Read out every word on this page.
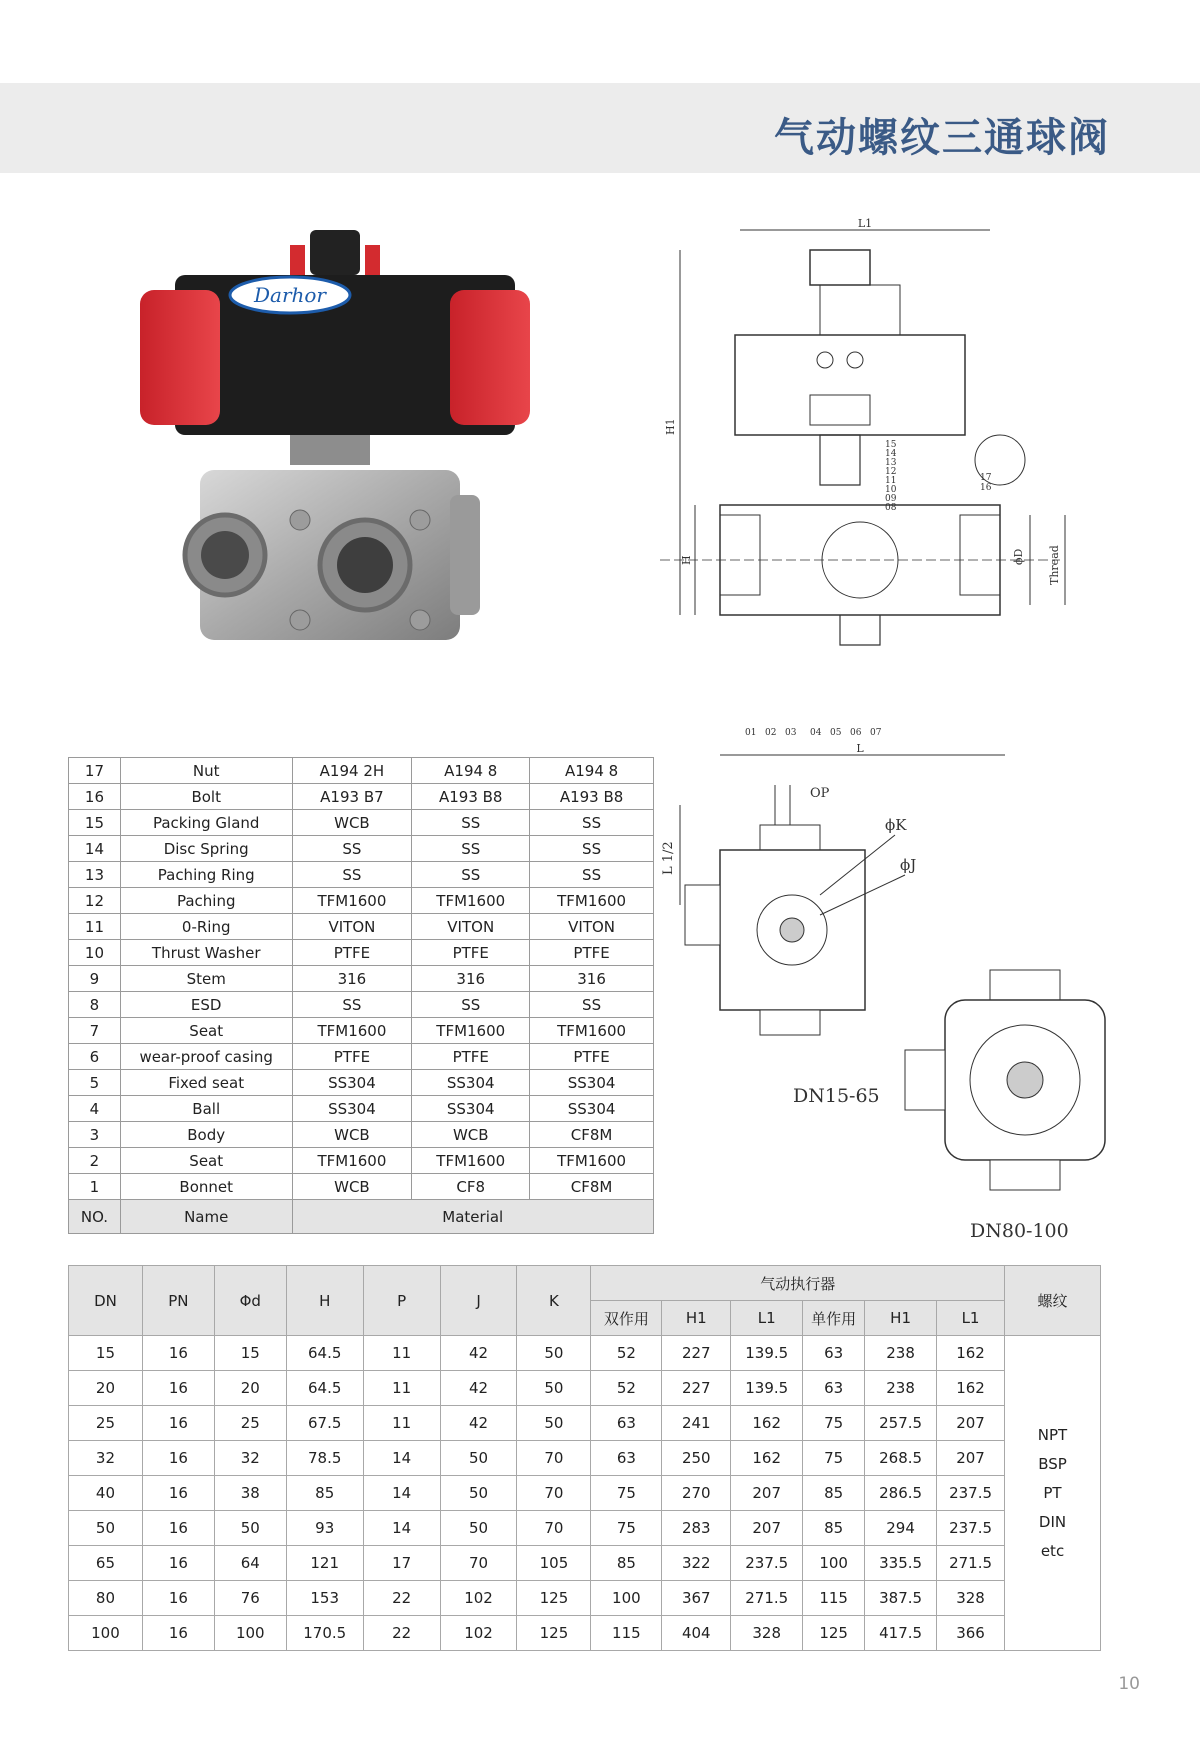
气动螺纹三通球阀
Darhor
L1
H1
H
L
ϕD Thread
01 02 03 04 05 06 07
15
14
13
12
11
10
09
08
17
16
L 1/2
OP
ϕK
ϕJ
DN15-65
DN80-100
17	Nut	A194 2H	A194 8	A194 8
16	Bolt	A193 B7	A193 B8	A193 B8
15	Packing Gland	WCB	SS	SS
14	Disc Spring	SS	SS	SS
13	Paching Ring	SS	SS	SS
12	Paching	TFM1600	TFM1600	TFM1600
11	0-Ring	VITON	VITON	VITON
10	Thrust Washer	PTFE	PTFE	PTFE
9	Stem	316	316	316
8	ESD	SS	SS	SS
7	Seat	TFM1600	TFM1600	TFM1600
6	wear-proof casing	PTFE	PTFE	PTFE
5	Fixed seat	SS304	SS304	SS304
4	Ball	SS304	SS304	SS304
3	Body	WCB	WCB	CF8M
2	Seat	TFM1600	TFM1600	TFM1600
1	Bonnet	WCB	CF8	CF8M
NO.	Name	Material		
DN	PN	Φd	H	P	J	K	气动执行器						螺纹
							双作用	H1	L1	单作用	H1	L1	
15	16	15	64.5	11	42	50	52	227	139.5	63	238	162	NPT
BSP
PT
DIN
etc

20	16	20	64.5	11	42	50	52	227	139.5	63	238	162	
25	16	25	67.5	11	42	50	63	241	162	75	257.5	207	
32	16	32	78.5	14	50	70	63	250	162	75	268.5	207	
40	16	38	85	14	50	70	75	270	207	85	286.5	237.5	
50	16	50	93	14	50	70	75	283	207	85	294	237.5	
65	16	64	121	17	70	105	85	322	237.5	100	335.5	271.5	
80	16	76	153	22	102	125	100	367	271.5	115	387.5	328	
100	16	100	170.5	22	102	125	115	404	328	125	417.5	366	
10
